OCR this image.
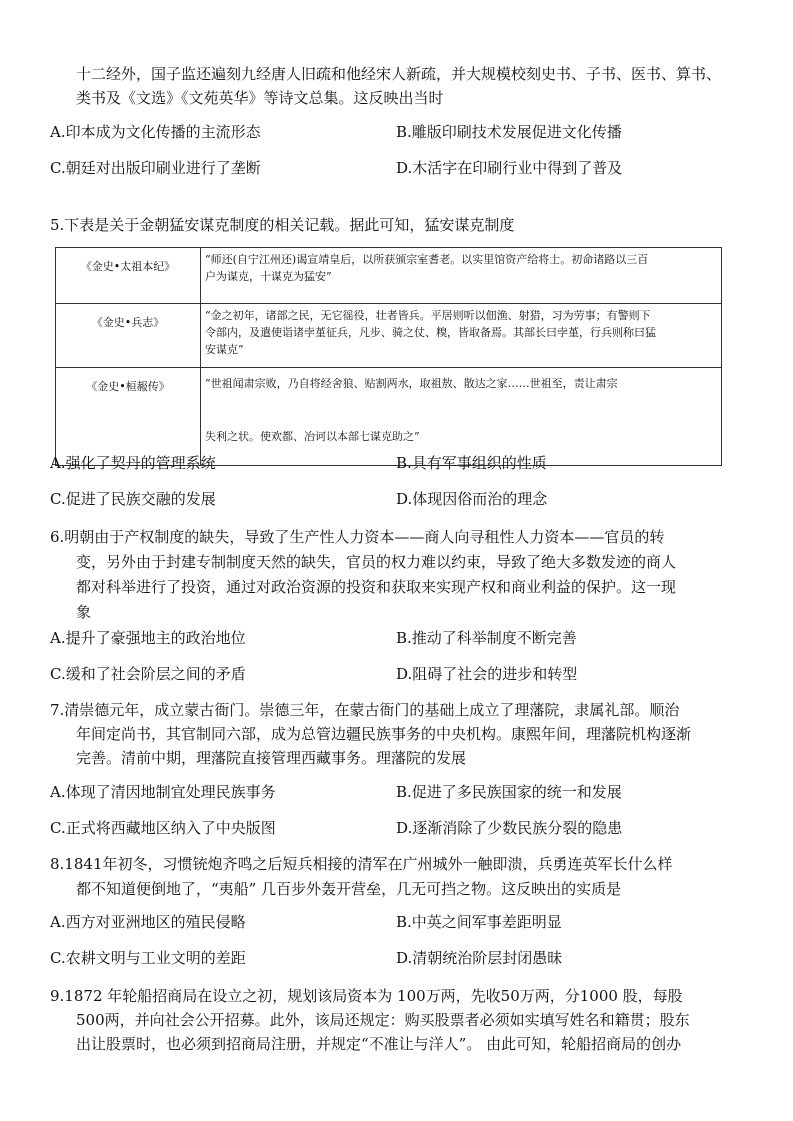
十二经外，国子监还遍刻九经唐人旧疏和他经宋人新疏，并大规模校刻史书、子书、医书、算书、
类书及《文选》《文苑英华》等诗文总集。这反映出当时
A.印本成为文化传播的主流形态	B.雕版印刷技术发展促进文化传播
C.朝廷对出版印刷业进行了垄断	D.木活字在印刷行业中得到了普及
5.下表是关于金朝猛安谋克制度的相关记载。据此可知，猛安谋克制度
《金史•太祖本纪》	“师还(自宁江州还)谒宣靖皇后，以所获颁宗室耆老。以实里馆资产给将士。初命诸路以三百
户为谋克，十谋克为猛安”

《金史•兵志》	“金之初年，诸部之民，无它徭役，壮者皆兵。平居则听以佃渔、射猎，习为劳事；有警则下
令部内，及遣使诣诸孛堇征兵，凡步、骑之仗、糗，皆取备焉。其部长曰孛堇，行兵则称曰猛
安谋克”

《金史•桓赧传》	“世祖闻肃宗败，乃自将经舍狼、贴割两水，取祖敖、散达之家……世祖至，责让肃宗
失利之状。使欢都、冶诃以本部七谋克助之”
A.强化了契丹的管理系统	B.具有军事组织的性质
C.促进了民族交融的发展	D.体现因俗而治的理念
6.明朝由于产权制度的缺失，导致了生产性人力资本——商人向寻租性人力资本——官员的转
变，另外由于封建专制制度天然的缺失，官员的权力难以约束，导致了绝大多数发迹的商人
都对科举进行了投资，通过对政治资源的投资和获取来实现产权和商业利益的保护。这一现
象
A.提升了豪强地主的政治地位	B.推动了科举制度不断完善
C.缓和了社会阶层之间的矛盾	D.阻碍了社会的进步和转型
7.清崇德元年，成立蒙古衙门。崇德三年，在蒙古衙门的基础上成立了理藩院，隶属礼部。顺治
年间定尚书，其官制同六部，成为总管边疆民族事务的中央机构。康熙年间，理藩院机构逐渐
完善。清前中期，理藩院直接管理西藏事务。理藩院的发展
A.体现了清因地制宜处理民族事务	B.促进了多民族国家的统一和发展
C.正式将西藏地区纳入了中央版图	D.逐渐消除了少数民族分裂的隐患
8.1841年初冬，习惯铳炮齐鸣之后短兵相接的清军在广州城外一触即溃，兵勇连英军长什么样
都不知道便倒地了，“夷船” 几百步外轰开营垒，几无可挡之物。这反映出的实质是
A.西方对亚洲地区的殖民侵略	B.中英之间军事差距明显
C.农耕文明与工业文明的差距	D.清朝统治阶层封闭愚昧
9.1872 年轮船招商局在设立之初，规划该局资本为 100万两，先收50万两，分1000 股，每股
500两，并向社会公开招募。此外，该局还规定：购买股票者必须如实填写姓名和籍贯；股东
出让股票时，也必须到招商局注册，并规定“不准让与洋人”。 由此可知，轮船招商局的创办
